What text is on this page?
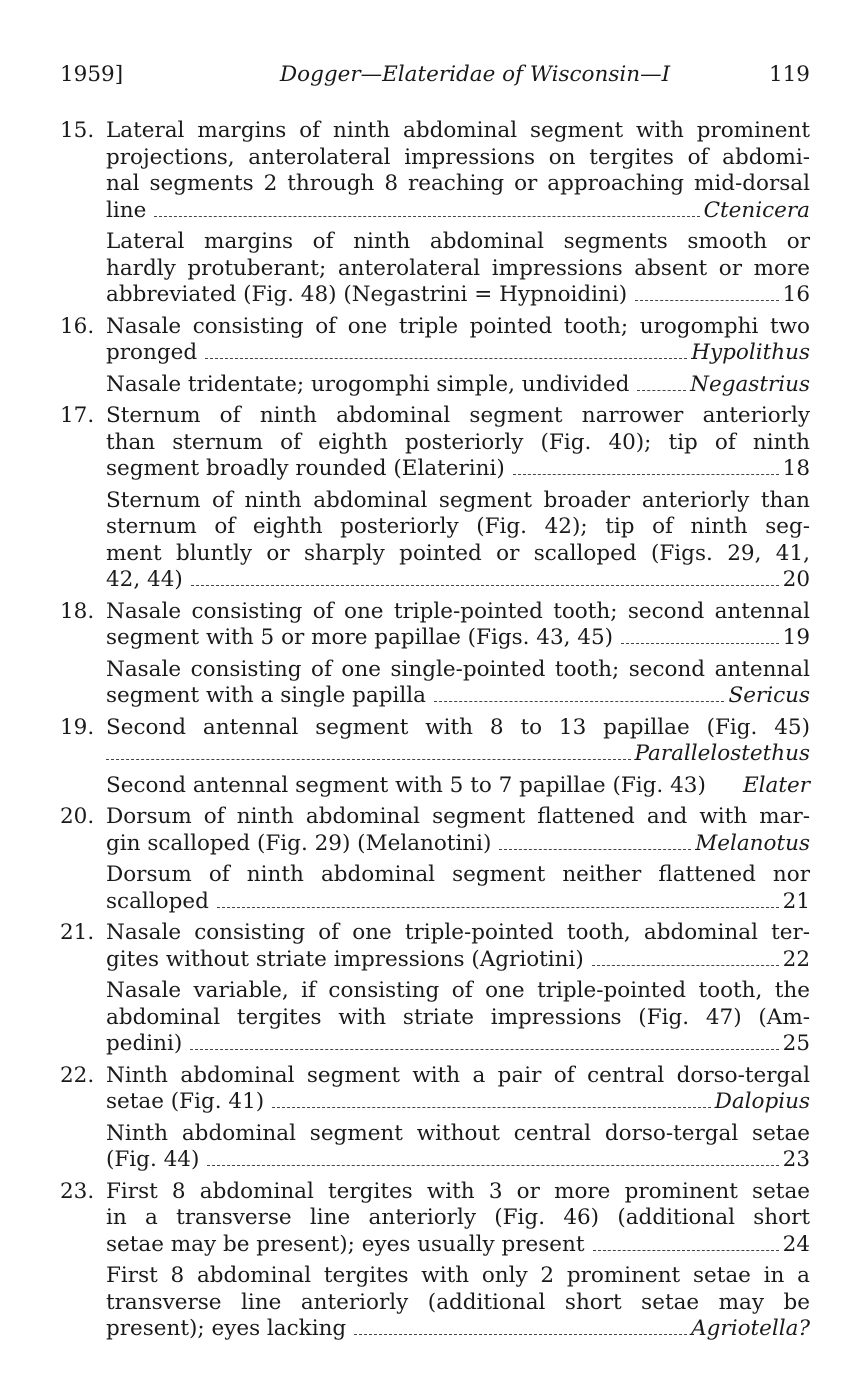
1959]	Dogger—Elateridae of Wisconsin—I	119
15. Lateral margins of ninth abdominal segment with prominent
projections, anterolateral impressions on tergites of abdomi-
nal segments 2 through 8 reaching or approaching mid-dorsal
line	Ctenicera
Lateral margins of ninth abdominal segments smooth or
hardly protuberant; anterolateral impressions absent or more
abbreviated (Fig. 48) (Negastrini = Hypnoidini)	16
16. Nasale consisting of one triple pointed tooth; urogomphi two
pronged	Hypolithus
Nasale tridentate; urogomphi simple, undivided	Negastrius
17. Sternum of ninth abdominal segment narrower anteriorly
than sternum of eighth posteriorly (Fig. 40); tip of ninth
segment broadly rounded (Elaterini)	18
Sternum of ninth abdominal segment broader anteriorly than
sternum of eighth posteriorly (Fig. 42); tip of ninth seg-
ment bluntly or sharply pointed or scalloped (Figs. 29, 41,
42, 44)	20
18. Nasale consisting of one triple-pointed tooth; second antennal
segment with 5 or more papillae (Figs. 43, 45)	19
Nasale consisting of one single-pointed tooth; second antennal
segment with a single papilla	Sericus
19. Second antennal segment with 8 to 13 papillae (Fig. 45)
Parallelostethus
Second antennal segment with 5 to 7 papillae (Fig. 43) Elater
20. Dorsum of ninth abdominal segment flattened and with mar-
gin scalloped (Fig. 29) (Melanotini)	Melanotus
Dorsum of ninth abdominal segment neither flattened nor
scalloped	21
21. Nasale consisting of one triple-pointed tooth, abdominal ter-
gites without striate impressions (Agriotini)	22
Nasale variable, if consisting of one triple-pointed tooth, the
abdominal tergites with striate impressions (Fig. 47) (Am-
pedini)	25
22. Ninth abdominal segment with a pair of central dorso-tergal
setae (Fig. 41)	Dalopius
Ninth abdominal segment without central dorso-tergal setae
(Fig. 44)	23
23. First 8 abdominal tergites with 3 or more prominent setae
in a transverse line anteriorly (Fig. 46) (additional short
setae may be present); eyes usually present	24
First 8 abdominal tergites with only 2 prominent setae in a
transverse line anteriorly (additional short setae may be
present); eyes lacking	Agriotella?
